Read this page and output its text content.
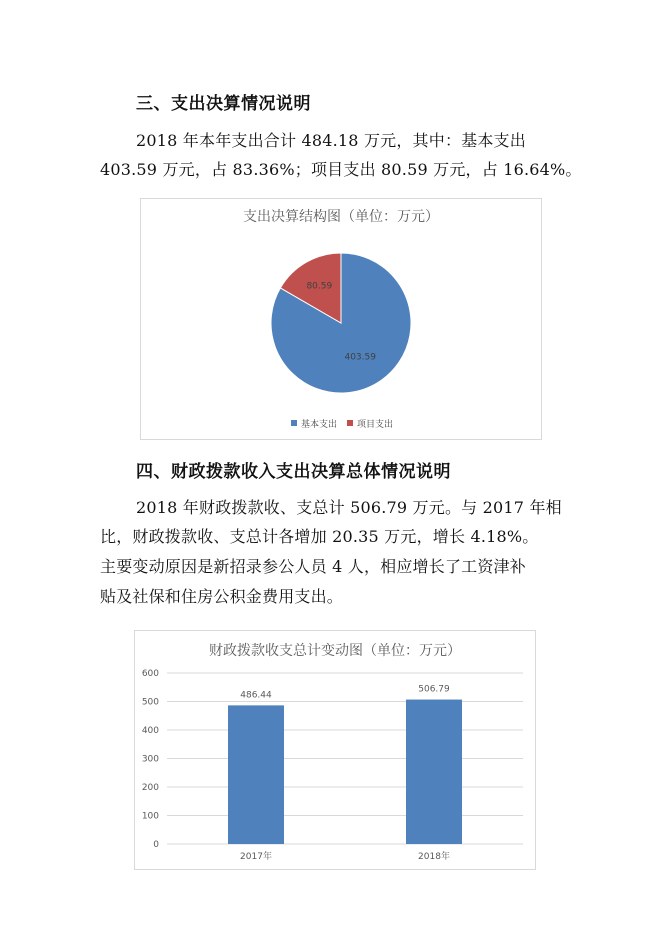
三、支出决算情况说明
2018 年本年支出合计 484.18 万元，其中：基本支出
403.59 万元，占 83.36%；项目支出 80.59 万元，占 16.64%。
支出决算结构图（单位：万元）
403.59
80.59
基本支出 项目支出
四、财政拨款收入支出决算总体情况说明
2018 年财政拨款收、支总计 506.79 万元。与 2017 年相
比，财政拨款收、支总计各增加 20.35 万元，增长 4.18%。
主要变动原因是新招录参公人员 4 人，相应增长了工资津补
贴及社保和住房公积金费用支出。
财政拨款收支总计变动图（单位：万元）
0
100
200
300
400
500
600
486.44
506.79
2017年	2018年
